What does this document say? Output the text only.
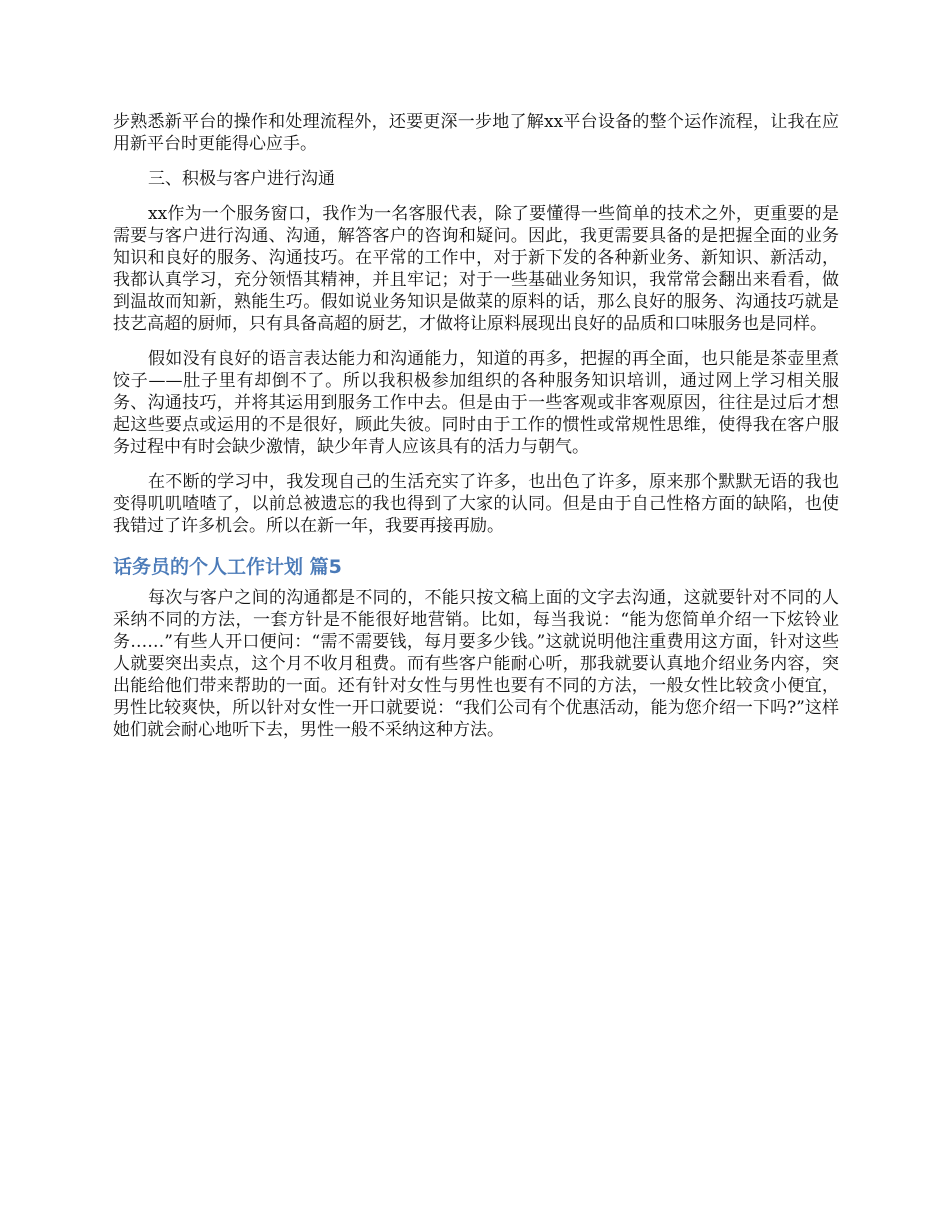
步熟悉新平台的操作和处理流程外，还要更深一步地了解xx平台设备的整个运作流程，让我在应用新平台时更能得心应手。

三、积极与客户进行沟通

xx作为一个服务窗口，我作为一名客服代表，除了要懂得一些简单的技术之外，更重要的是需要与客户进行沟通、沟通，解答客户的咨询和疑问。因此，我更需要具备的是把握全面的业务知识和良好的服务、沟通技巧。在平常的工作中，对于新下发的各种新业务、新知识、新活动，我都认真学习，充分领悟其精神，并且牢记；对于一些基础业务知识，我常常会翻出来看看，做到温故而知新，熟能生巧。假如说业务知识是做菜的原料的话，那么良好的服务、沟通技巧就是技艺高超的厨师，只有具备高超的厨艺，才做将让原料展现出良好的品质和口味服务也是同样。

假如没有良好的语言表达能力和沟通能力，知道的再多，把握的再全面，也只能是茶壶里煮饺子——肚子里有却倒不了。所以我积极参加组织的各种服务知识培训，通过网上学习相关服务、沟通技巧，并将其运用到服务工作中去。但是由于一些客观或非客观原因，往往是过后才想起这些要点或运用的不是很好，顾此失彼。同时由于工作的惯性或常规性思维，使得我在客户服务过程中有时会缺少激情，缺少年青人应该具有的活力与朝气。

在不断的学习中，我发现自己的生活充实了许多，也出色了许多，原来那个默默无语的我也变得叽叽喳喳了，以前总被遗忘的我也得到了大家的认同。但是由于自己性格方面的缺陷，也使我错过了许多机会。所以在新一年，我要再接再励。

话务员的个人工作计划 篇5

每次与客户之间的沟通都是不同的，不能只按文稿上面的文字去沟通，这就要针对不同的人采纳不同的方法，一套方针是不能很好地营销。比如，每当我说：“能为您简单介绍一下炫铃业务……”有些人开口便问：“需不需要钱，每月要多少钱。”这就说明他注重费用这方面，针对这些人就要突出卖点，这个月不收月租费。而有些客户能耐心听，那我就要认真地介绍业务内容，突出能给他们带来帮助的一面。还有针对女性与男性也要有不同的方法，一般女性比较贪小便宜，男性比较爽快，所以针对女性一开口就要说：“我们公司有个优惠活动，能为您介绍一下吗?”这样她们就会耐心地听下去，男性一般不采纳这种方法。
